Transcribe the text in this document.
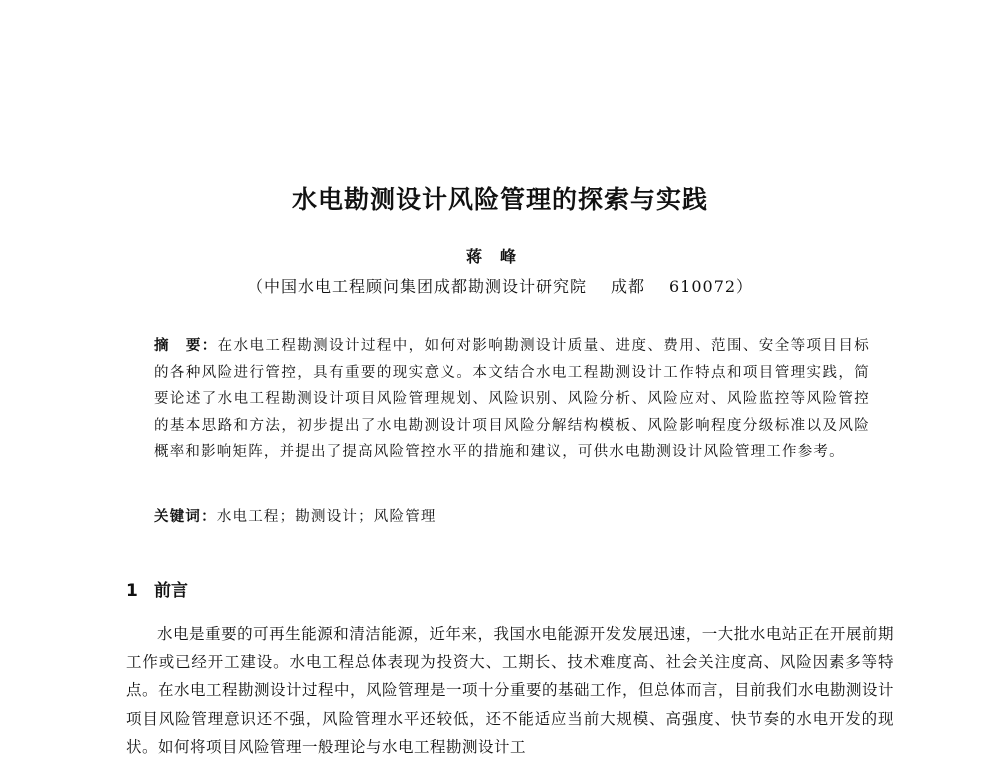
水电勘测设计风险管理的探索与实践
蒋峰
（中国水电工程顾问集团成都勘测设计研究院 成都 610072）
摘　要：在水电工程勘测设计过程中，如何对影响勘测设计质量、进度、费用、范围、安全等项目目标的各种风险进行管控，具有重要的现实意义。本文结合水电工程勘测设计工作特点和项目管理实践，简要论述了水电工程勘测设计项目风险管理规划、风险识别、风险分析、风险应对、风险监控等风险管控的基本思路和方法，初步提出了水电勘测设计项目风险分解结构模板、风险影响程度分级标准以及风险概率和影响矩阵，并提出了提高风险管控水平的措施和建议，可供水电勘测设计风险管理工作参考。
关键词：水电工程；勘测设计；风险管理
1 前言
水电是重要的可再生能源和清洁能源，近年来，我国水电能源开发发展迅速，一大批水电站正在开展前期工作或已经开工建设。水电工程总体表现为投资大、工期长、技术难度高、社会关注度高、风险因素多等特点。在水电工程勘测设计过程中，风险管理是一项十分重要的基础工作，但总体而言，目前我们水电勘测设计项目风险管理意识还不强，风险管理水平还较低，还不能适应当前大规模、高强度、快节奏的水电开发的现状。如何将项目风险管理一般理论与水电工程勘测设计工
